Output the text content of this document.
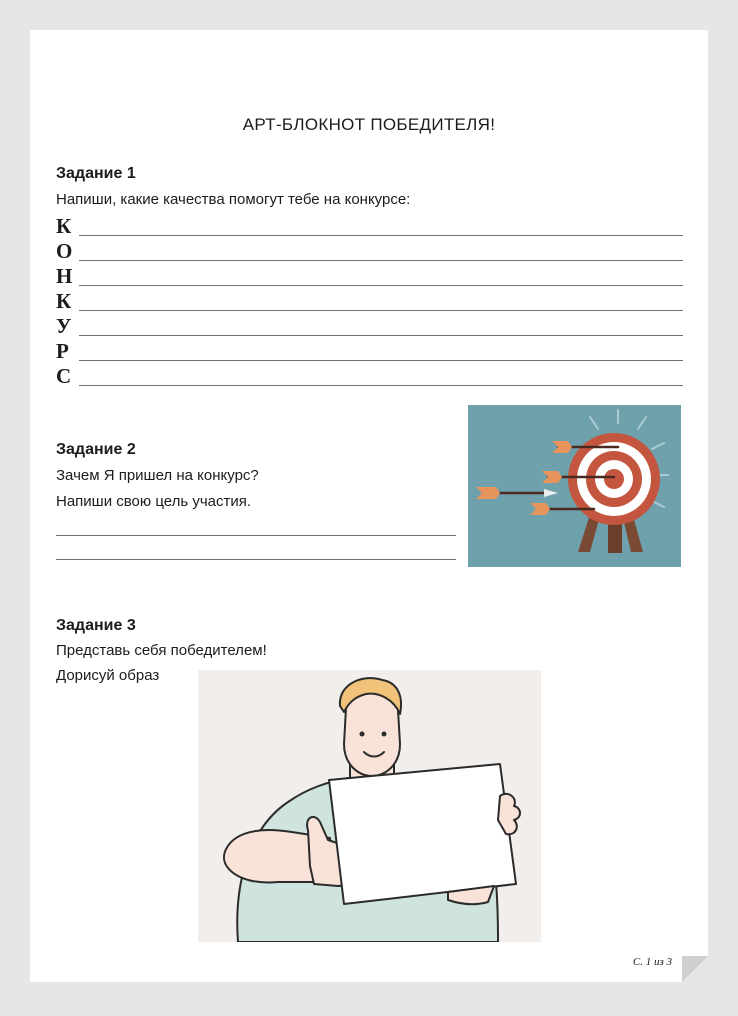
АРТ-БЛОКНОТ ПОБЕДИТЕЛЯ!
Задание 1
Напиши, какие качества помогут тебе на конкурсе:
К
О
Н
К
У
Р
С
Задание 2
Зачем Я пришел на конкурс?
Напиши свою цель участия.
Задание 3
Представь себя победителем!
Дорисуй образ
С. 1 из 3
